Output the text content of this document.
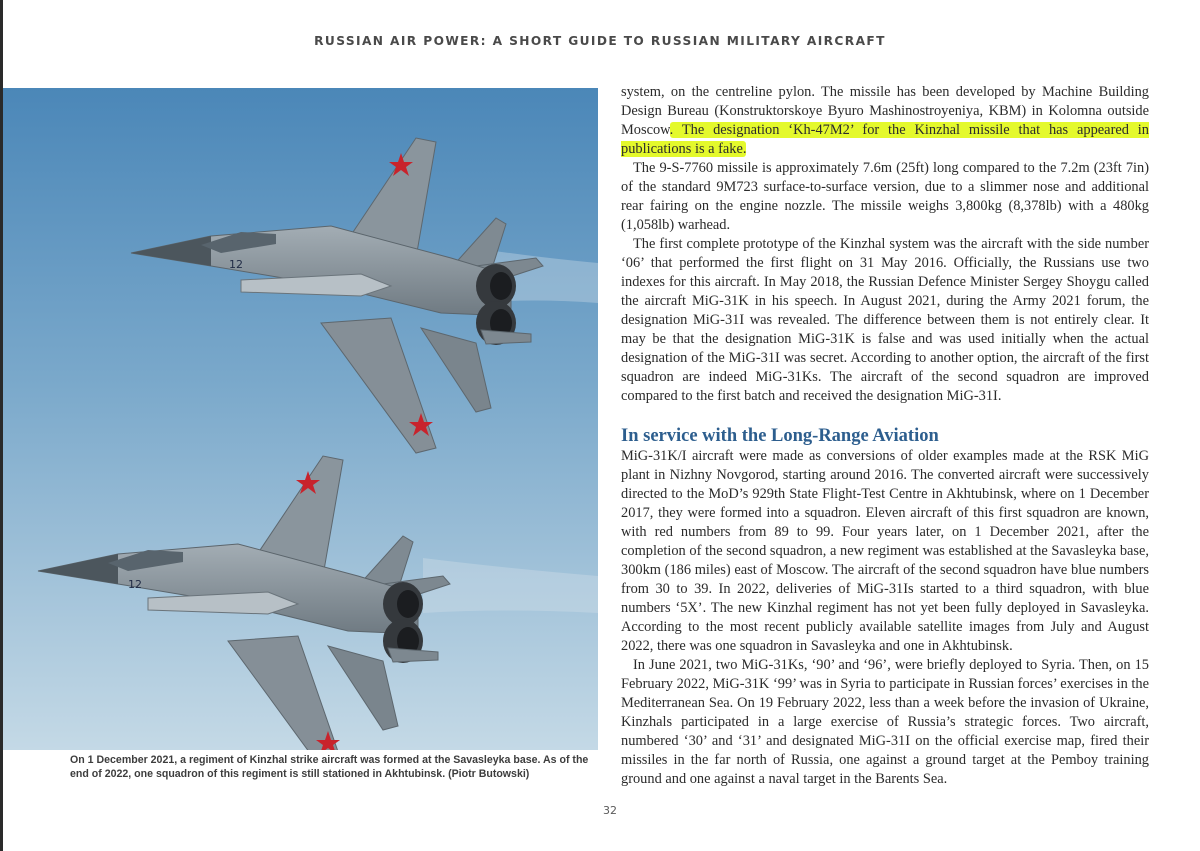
RUSSIAN AIR POWER: A SHORT GUIDE TO RUSSIAN MILITARY AIRCRAFT
12
12
On 1 December 2021, a regiment of Kinzhal strike aircraft was formed at the Savasleyka base. As of the end of 2022, one squadron of this regiment is still stationed in Akhtubinsk. (Piotr Butowski)

system, on the centreline pylon. The missile has been developed by Machine Building Design Bureau (Konstruktorskoye Byuro Mashinostroyeniya, KBM) in Kolomna outside Moscow. The designation ‘Kh-47M2’ for the Kinzhal missile that has appeared in publications is a fake.

The 9-S-7760 missile is approximately 7.6m (25ft) long compared to the 7.2m (23ft 7in) of the standard 9M723 surface-to-surface version, due to a slimmer nose and additional rear fairing on the engine nozzle. The missile weighs 3,800kg (8,378lb) with a 480kg (1,058lb) warhead.

The first complete prototype of the Kinzhal system was the aircraft with the side number ‘06’ that performed the first flight on 31 May 2016. Officially, the Russians use two indexes for this aircraft. In May 2018, the Russian Defence Minister Sergey Shoygu called the aircraft MiG-31K in his speech. In August 2021, during the Army 2021 forum, the designation MiG-31I was revealed. The difference between them is not entirely clear. It may be that the designation MiG-31K is false and was used initially when the actual designation of the MiG-31I was secret. According to another option, the aircraft of the first squadron are indeed MiG-31Ks. The aircraft of the second squadron are improved compared to the first batch and received the designation MiG-31I.

In service with the Long-Range Aviation

MiG-31K/I aircraft were made as conversions of older examples made at the RSK MiG plant in Nizhny Novgorod, starting around 2016. The converted aircraft were successively directed to the MoD’s 929th State Flight-Test Centre in Akhtubinsk, where on 1 December 2017, they were formed into a squadron. Eleven aircraft of this first squadron are known, with red numbers from 89 to 99. Four years later, on 1 December 2021, after the completion of the second squadron, a new regiment was established at the Savasleyka base, 300km (186 miles) east of Moscow. The aircraft of the second squadron have blue numbers from 30 to 39. In 2022, deliveries of MiG-31Is started to a third squadron, with blue numbers ‘5X’. The new Kinzhal regiment has not yet been fully deployed in Savasleyka. According to the most recent publicly available satellite images from July and August 2022, there was one squadron in Savasleyka and one in Akhtubinsk.

In June 2021, two MiG-31Ks, ‘90’ and ‘96’, were briefly deployed to Syria. Then, on 15 February 2022, MiG-31K ‘99’ was in Syria to participate in Russian forces’ exercises in the Mediterranean Sea. On 19 February 2022, less than a week before the invasion of Ukraine, Kinzhals participated in a large exercise of Russia’s strategic forces. Two aircraft, numbered ‘30’ and ‘31’ and designated MiG-31I on the official exercise map, fired their missiles in the far north of Russia, one against a ground target at the Pemboy training ground and one against a naval target in the Barents Sea.

32
